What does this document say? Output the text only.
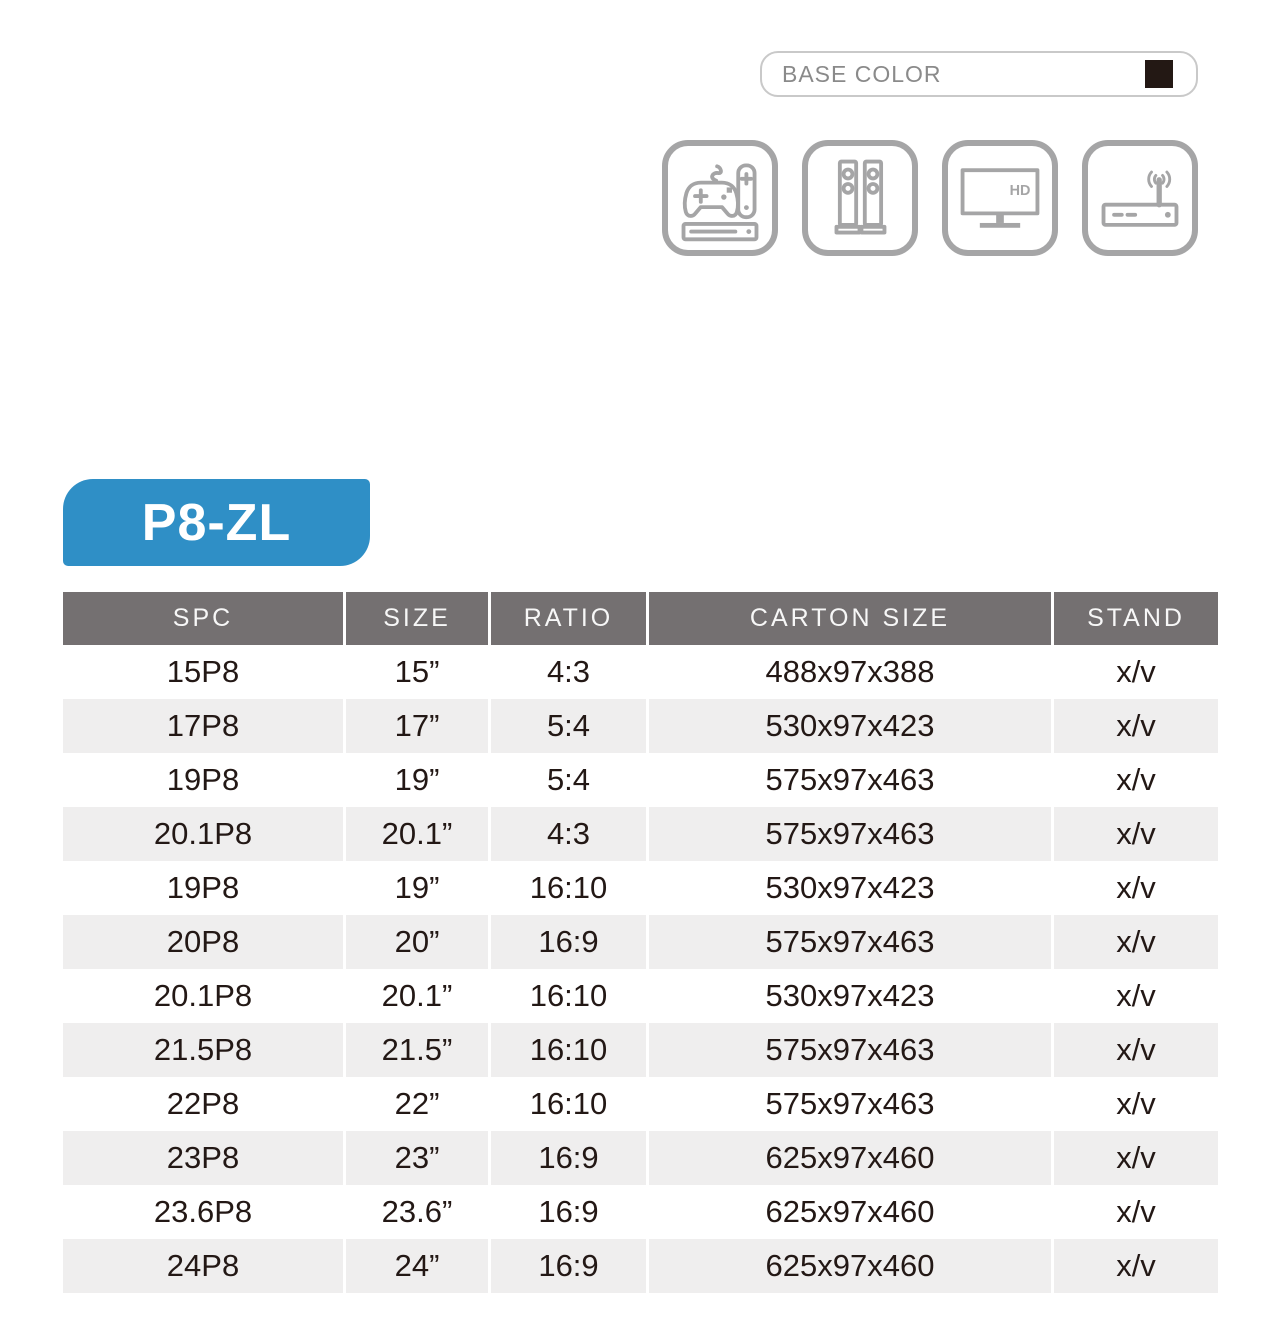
BASE COLOR
HD
P8-ZL
SPC	SIZE	RATIO	CARTON SIZE	STAND
15P8	15”	4:3	488x97x388	x/v
17P8	17”	5:4	530x97x423	x/v
19P8	19”	5:4	575x97x463	x/v
20.1P8	20.1”	4:3	575x97x463	x/v
19P8	19”	16:10	530x97x423	x/v
20P8	20”	16:9	575x97x463	x/v
20.1P8	20.1”	16:10	530x97x423	x/v
21.5P8	21.5”	16:10	575x97x463	x/v
22P8	22”	16:10	575x97x463	x/v
23P8	23”	16:9	625x97x460	x/v
23.6P8	23.6”	16:9	625x97x460	x/v
24P8	24”	16:9	625x97x460	x/v
